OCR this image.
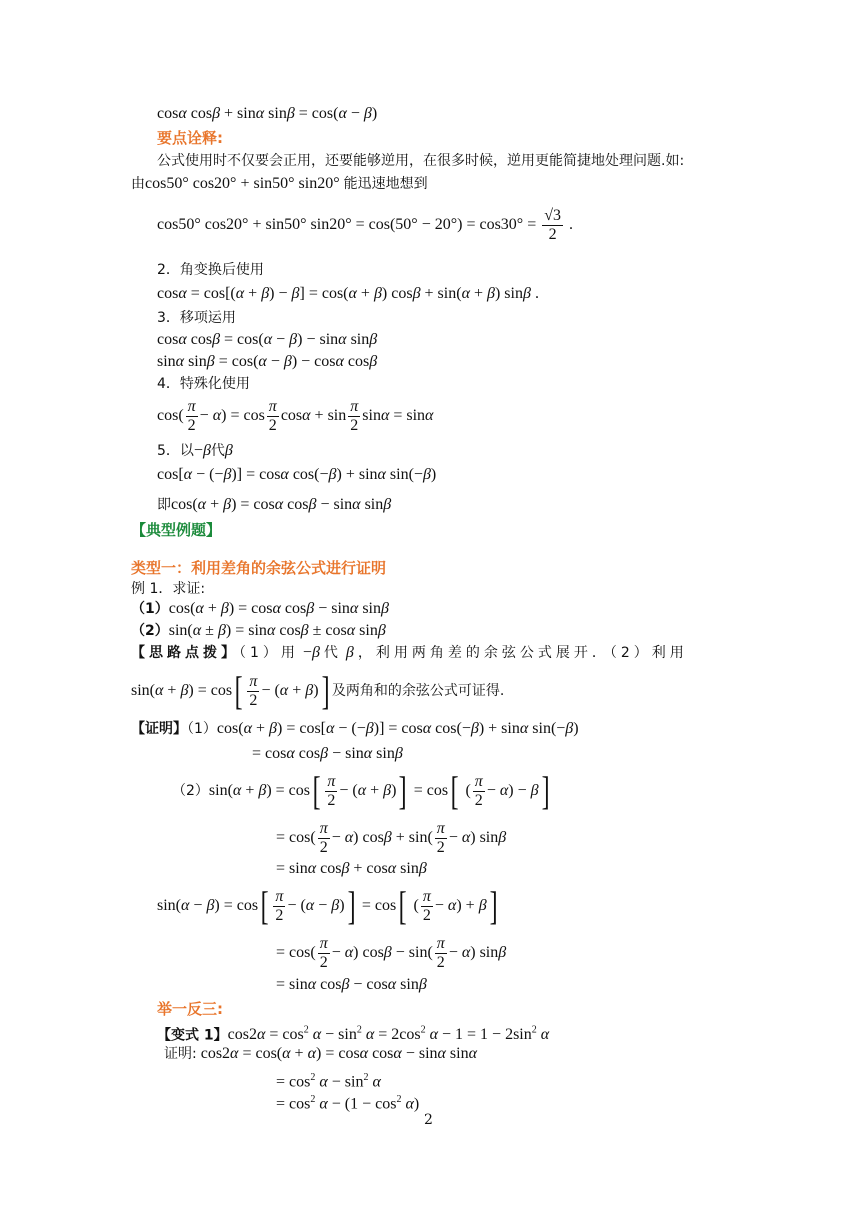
cosα cosβ + sinα sinβ = cos(α − β)
要点诠释:
公式使用时不仅要会正用，还要能够逆用，在很多时候，逆用更能简捷地处理问题.如:
由cos50° cos20° + sin50° sin20° 能迅速地想到
cos50° cos20° + sin50° $\sin 20^\circ = \cos(50^\circ - 20^\circ) = \cos 30^\circ = \frac{√3}{2}$ .
2．角变换后使用
cosα = cos[(α + β) − β] = cos(α + β) cosβ + sin(α + β) sinβ .
3．移项运用
cosα cosβ = cos(α − β) − sinα sinβ
sinα sinβ = cos(α − β) − cosα cosβ
4．特殊化使用
$\cos( \frac{\pi}{2} - \alpha) = \cos \frac{\pi}{2}$ $\cos\alpha + \sin \frac{\pi}{2}$ sinα = sinα
5．以−β代β
cos[α − (−β)] = cosα cos(−β) + sinα sin(−β)
即cos(α + β) = cosα cosβ − sinα sinβ
【典型例题】
类型一：利用差角的余弦公式进行证明
例 1．求证:
（1）cos(α + β) = cosα cosβ − sinα sinβ
（2）sin(α ± β) = sinα cosβ ± cosα sinβ
【思路点拨】（1）用 −β 代 β ，利用两角差的余弦公式展开．（2）利用
$\sin(\alpha + \beta) = \cos[ \frac{\pi}{2} - (\alpha + \beta)]$ 及两角和的余弦公式可证得.
【证明】（1）cos(α + β) = cos[α − (−β)] = cosα cos(−β) + sinα sin(−β)
= cosα cosβ − sinα sinβ
$(2)\sin(\alpha + \beta) = \cos[ \frac{\pi}{2} - (\alpha + \beta)] = \cos$[ ( $\frac{\pi}{2} - \alpha) - \beta$]
= $\cos( \frac{\pi}{2} - \alpha)$ $\cos\beta + \sin( \frac{\pi}{2} - \alpha)$ sinβ
= sinα cosβ + cosα sinβ
$\sin(\alpha - \beta) = \cos[ \frac{\pi}{2} - (\alpha - \beta)] = \cos$[ ( $\frac{\pi}{2} - \alpha) + \beta$]
= $\cos( \frac{\pi}{2} - \alpha)$ $\cos\beta - \sin( \frac{\pi}{2} - \alpha)$ sinβ
= sinα cosβ − cosα sinβ
举一反三:
【变式 1】$\cos 2\alpha = \cos^2 \alpha - \sin^2 \alpha = 2\cos^2$ $\alpha - 1 = 1 - 2\sin^2$ α
证明: cos2α = cos(α + α) = cosα cosα − sinα sinα
= $\cos^2 \alpha - \sin^2 \alpha$
= $\cos^2 \alpha - (1 - \cos^2 \alpha)$
2
